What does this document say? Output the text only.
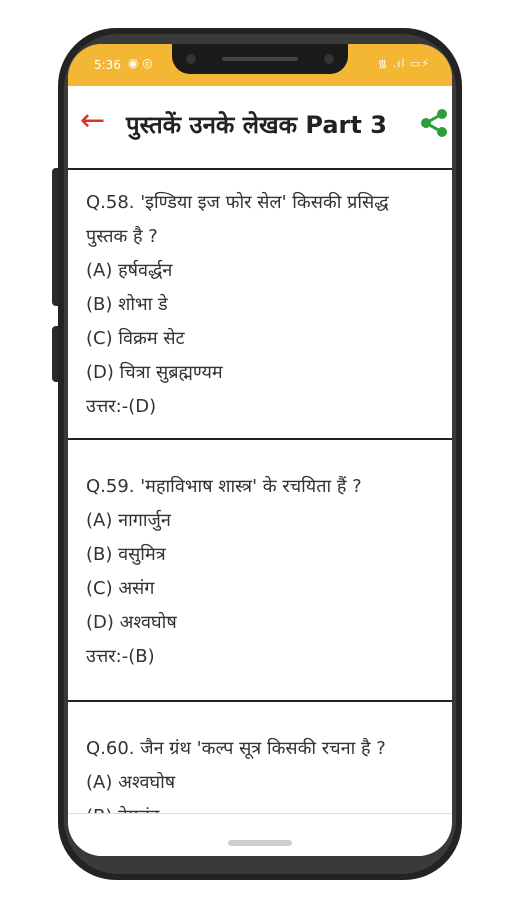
5:36 ◉ ◎	᯾ .ıl ▭⚡
← पुस्तकें उनके लेखक Part 3
Q.58. 'इण्डिया इज फोर सेल' किसकी प्रसिद्ध पुस्तक है ?
(A) हर्षवर्द्धन
(B) शोभा डे
(C) विक्रम सेट
(D) चित्रा सुब्रह्मण्यम
उत्तर:-(D)
Q.59. 'महाविभाष शास्त्र' के रचयिता हैं ?
(A) नागार्जुन
(B) वसुमित्र
(C) असंग
(D) अश्वघोष
उत्तर:-(B)
Q.60. जैन ग्रंथ 'कल्प सूत्र किसकी रचना है ?
(A) अश्वघोष
